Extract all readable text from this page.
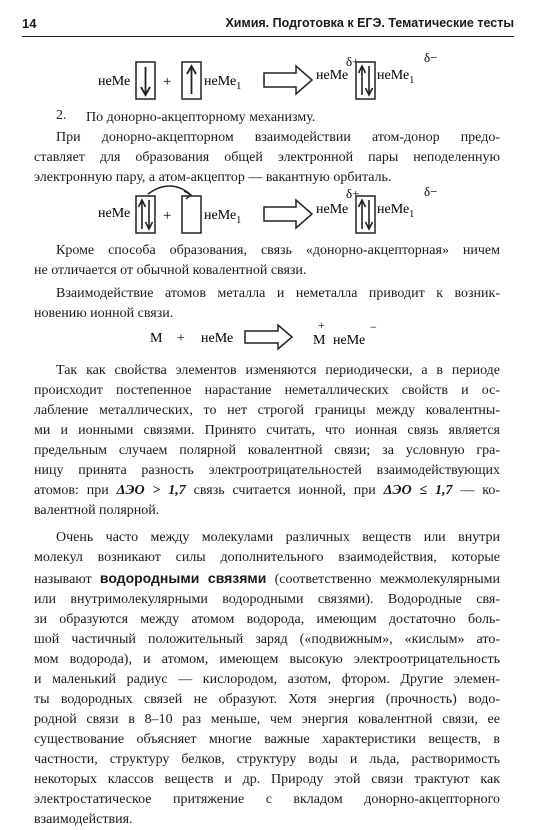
14	Химия. Подготовка к ЕГЭ. Тематические тесты
неМе + неМе$_1$
неМе
δ+
неМе$_1$
δ−
2. По донорно-акцепторному механизму.
При донорно-акцепторном взаимодействии атом-донор предо-
ставляет для образования общей электронной пары неподеленную
электронную пару, а атом-акцептор — вакантную орбиталь.
неМе + неМе$_1$
неМе
δ+
неМе$_1$
δ−
Кроме способа образования, связь «донорно-акцепторная» ничем
не отличается от обычной ковалентной связи.
Взаимодействие атомов металла и неметалла приводит к возник-
новению ионной связи.
M + неМе	M
+
неМе
−
Так как свойства элементов изменяются периодически, а в периоде
происходит постепенное нарастание неметаллических свойств и ос-
лабление металлических, то нет строгой границы между ковалентны-
ми и ионными связями. Принято считать, что ионная связь является
предельным случаем полярной ковалентной связи; за условную гра-
ницу принята разность электроотрицательностей взаимодействующих
атомов: при ΔЭО > 1,7 связь считается ионной, при ΔЭО ≤ 1,7 — ко-
валентной полярной.
Очень часто между молекулами различных веществ или внутри
молекул возникают силы дополнительного взаимодействия, которые
называют водородными связями (соответственно межмолекулярными
или внутримолекулярными водородными связями). Водородные свя-
зи образуются между атомом водорода, имеющим достаточно боль-
шой частичный положительный заряд («подвижным», «кислым» ато-
мом водорода), и атомом, имеющем высокую электроотрицательность
и маленький радиус — кислородом, азотом, фтором. Другие элемен-
ты водородных связей не образуют. Хотя энергия (прочность) водо-
родной связи в 8–10 раз меньше, чем энергия ковалентной связи, ее
существование объясняет многие важные характеристики веществ, в
частности, структуру белков, структуру воды и льда, растворимость
некоторых классов веществ и др. Природу этой связи трактуют как
электростатическое притяжение с вкладом донорно-акцепторного
взаимодействия.
